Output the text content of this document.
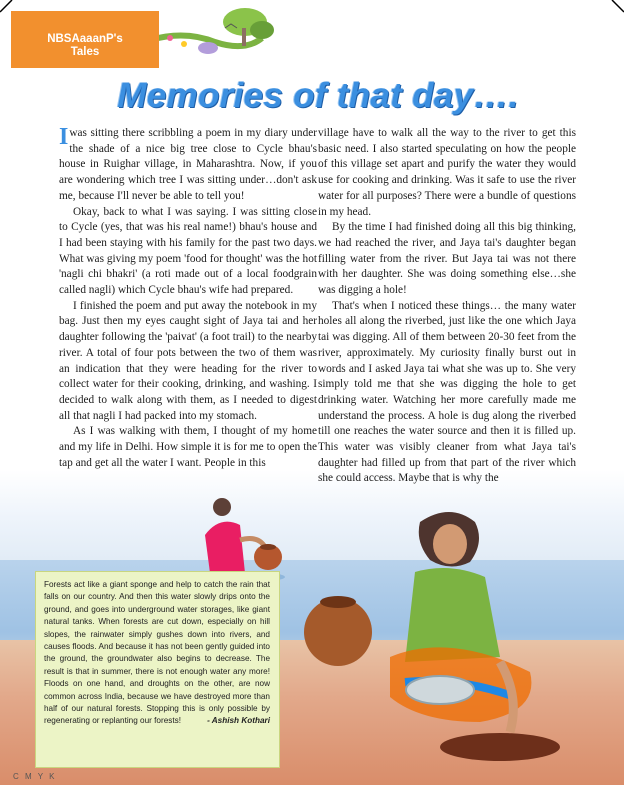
NBSAaaanP's
Tales
Memories of that day….

Iwas sitting there scribbling a poem in my diary under the shade of a nice big tree close to Cycle bhau's house in Ruighar village, in Maharashtra. Now, if you are wondering which tree I was sitting under…don't ask me, because I'll never be able to tell you!

Okay, back to what I was saying. I was sitting close to Cycle (yes, that was his real name!) bhau's house and I had been staying with his family for the past two days. What was giving my poem 'food for thought' was the hot 'nagli chi bhakri' (a roti made out of a local foodgrain called nagli) which Cycle bhau's wife had prepared.

I finished the poem and put away the notebook in my bag. Just then my eyes caught sight of Jaya tai and her daughter following the 'paivat' (a foot trail) to the nearby river. A total of four pots between the two of them was an indication that they were heading for the river to collect water for their cooking, drinking, and washing. I decided to walk along with them, as I needed to digest all that nagli I had packed into my stomach.

As I was walking with them, I thought of my home and my life in Delhi. How simple it is for me to open the tap and get all the water I want. People in this

village have to walk all the way to the river to get this basic need. I also started speculating on how the people of this village set apart and purify the water they would use for cooking and drinking. Was it safe to use the river water for all purposes? There were a bundle of questions in my head.

By the time I had finished doing all this big thinking, we had reached the river, and Jaya tai's daughter began filling water from the river. But Jaya tai was not there with her daughter. She was doing something else…she was digging a hole!

That's when I noticed these things… the many water holes all along the riverbed, just like the one which Jaya tai was digging. All of them between 20-30 feet from the river, approximately. My curiosity finally burst out in words and I asked Jaya tai what she was up to. She very simply told me that she was digging the hole to get drinking water. Watching her more carefully made me understand the process. A hole is dug along the riverbed till one reaches the water source and then it is filled up. This water was visibly cleaner from what Jaya tai's daughter had filled up from that part of the river which she could access. Maybe that is why the

Forests act like a giant sponge and help to catch the rain that falls on our country. And then this water slowly drips onto the ground, and goes into underground water storages, like giant natural tanks. When forests are cut down, especially on hill slopes, the rainwater simply gushes down into rivers, and causes floods. And because it has not been gently guided into the ground, the groundwater also begins to decrease. The result is that in summer, there is not enough water any more! Floods on one hand, and droughts on the other, are now common across India, because we have destroyed more than half of our natural forests. Stopping this is only possible by regenerating or replanting our forests!	- Ashish Kothari
C M Y K
